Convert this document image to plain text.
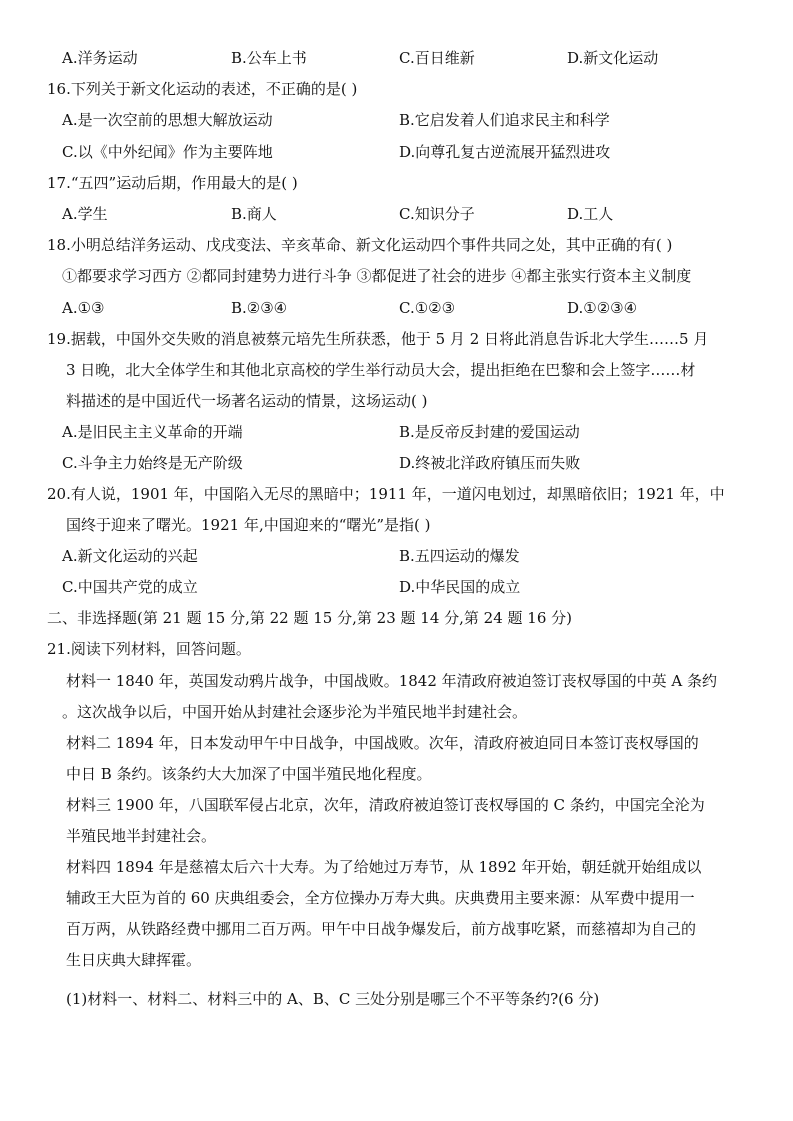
A.洋务运动	B.公车上书	C.百日维新	D.新文化运动
16.下列关于新文化运动的表述，不正确的是( )
A.是一次空前的思想大解放运动	B.它启发着人们追求民主和科学
C.以《中外纪闻》作为主要阵地	D.向尊孔复古逆流展开猛烈进攻
17.“五四”运动后期，作用最大的是( )
A.学生	B.商人	C.知识分子	D.工人
18.小明总结洋务运动、戊戌变法、辛亥革命、新文化运动四个事件共同之处，其中正确的有( )
①都要求学习西方 ②都同封建势力进行斗争 ③都促进了社会的进步 ④都主张实行资本主义制度
A.①③	B.②③④	C.①②③	D.①②③④
19.据载，中国外交失败的消息被蔡元培先生所获悉，他于 5 月 2 日将此消息告诉北大学生……5 月
3 日晚，北大全体学生和其他北京高校的学生举行动员大会，提出拒绝在巴黎和会上签字……材
料描述的是中国近代一场著名运动的情景，这场运动( )
A.是旧民主主义革命的开端	B.是反帝反封建的爱国运动
C.斗争主力始终是无产阶级	D.终被北洋政府镇压而失败
20.有人说，1901 年，中国陷入无尽的黑暗中；1911 年，一道闪电划过，却黑暗依旧；1921 年，中
国终于迎来了曙光。1921 年,中国迎来的“曙光”是指( )
A.新文化运动的兴起	B.五四运动的爆发
C.中国共产党的成立	D.中华民国的成立
二、非选择题(第 21 题 15 分,第 22 题 15 分,第 23 题 14 分,第 24 题 16 分)
21.阅读下列材料，回答问题。
材料一 1840 年，英国发动鸦片战争，中国战败。1842 年清政府被迫签订丧权辱国的中英 A 条约
。这次战争以后，中国开始从封建社会逐步沦为半殖民地半封建社会。
材料二 1894 年，日本发动甲午中日战争，中国战败。次年，清政府被迫同日本签订丧权辱国的
中日 B 条约。该条约大大加深了中国半殖民地化程度。
材料三 1900 年，八国联军侵占北京，次年，清政府被迫签订丧权辱国的 C 条约，中国完全沦为
半殖民地半封建社会。
材料四 1894 年是慈禧太后六十大寿。为了给她过万寿节，从 1892 年开始，朝廷就开始组成以
辅政王大臣为首的 60 庆典组委会，全方位操办万寿大典。庆典费用主要来源：从军费中提用一
百万两，从铁路经费中挪用二百万两。甲午中日战争爆发后，前方战事吃紧，而慈禧却为自己的
生日庆典大肆挥霍。
(1)材料一、材料二、材料三中的 A、B、C 三处分别是哪三个不平等条约?(6 分)
